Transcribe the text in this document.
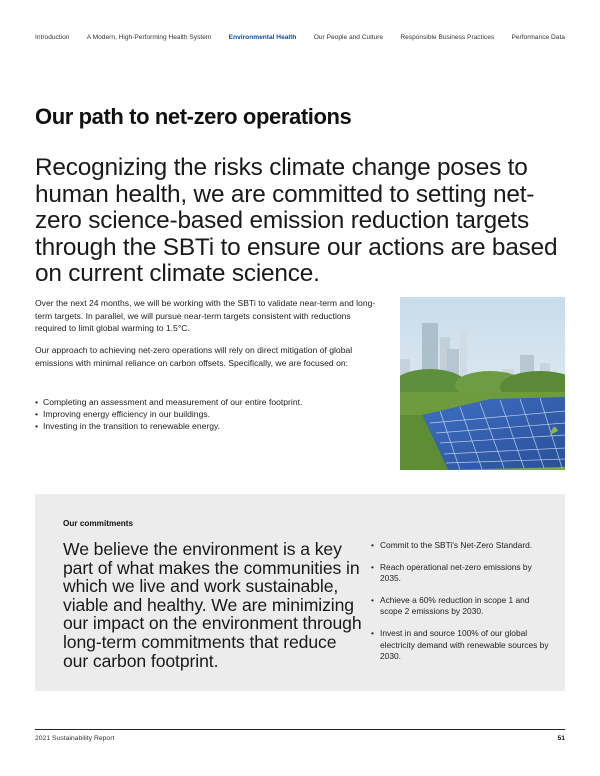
Introduction	A Modern, High-Performing Health System	Environmental Health	Our People and Culture	Responsible Business Practices	Performance Data
Our path to net-zero operations

Recognizing the risks climate change poses to human health, we are committed to setting net-zero science-based emission reduction targets through the SBTi to ensure our actions are based on current climate science.

Over the next 24 months, we will be working with the SBTi to validate near-term and long-term targets. In parallel, we will pursue near-term targets consistent with reductions required to limit global warming to 1.5°C.

Our approach to achieving net-zero operations will rely on direct mitigation of global emissions with minimal reliance on carbon offsets. Specifically, we are focused on:

• Completing an assessment and measurement of our entire footprint.
• Improving energy efficiency in our buildings.
• Investing in the transition to renewable energy.
Our commitments

We believe the environment is a key part of what makes the communities in which we live and work sustainable, viable and healthy. We are minimizing our impact on the environment through long-term commitments that reduce our carbon footprint.

• Commit to the SBTi's Net-Zero Standard.
• Reach operational net-zero emissions by 2035.
• Achieve a 60% reduction in scope 1 and scope 2 emissions by 2030.
• Invest in and source 100% of our global electricity demand with renewable sources by 2030.
2021 Sustainability Report	51
